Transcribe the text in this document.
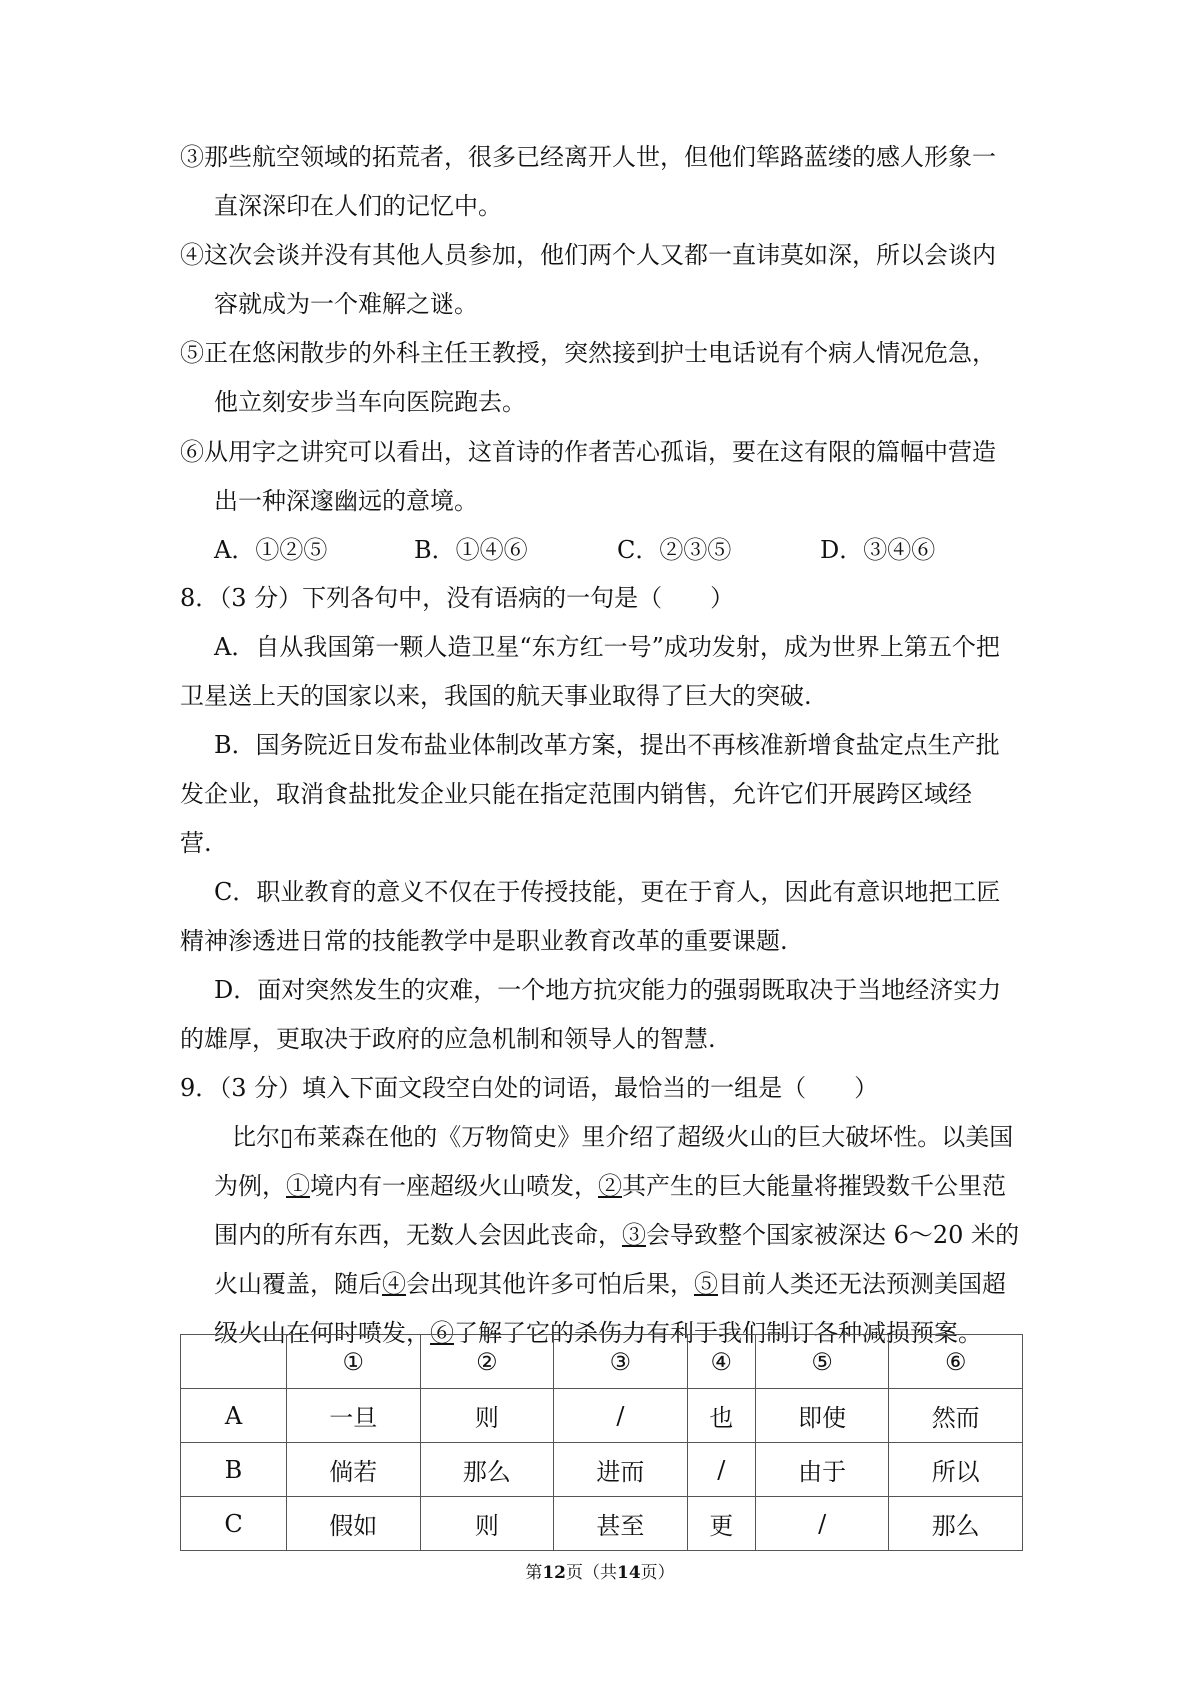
③那些航空领域的拓荒者，很多已经离开人世，但他们筚路蓝缕的感人形象一
直深深印在人们的记忆中。
④这次会谈并没有其他人员参加，他们两个人又都一直讳莫如深，所以会谈内
容就成为一个难解之谜。
⑤正在悠闲散步的外科主任王教授，突然接到护士电话说有个病人情况危急，
他立刻安步当车向医院跑去。
⑥从用字之讲究可以看出，这首诗的作者苦心孤诣，要在这有限的篇幅中营造
出一种深邃幽远的意境。
A．①②⑤	B．①④⑥	C．②③⑤	D．③④⑥
8．（3 分）下列各句中，没有语病的一句是（　　）
A．自从我国第一颗人造卫星“东方红一号”成功发射，成为世界上第五个把
卫星送上天的国家以来，我国的航天事业取得了巨大的突破.
B．国务院近日发布盐业体制改革方案，提出不再核准新增食盐定点生产批
发企业，取消食盐批发企业只能在指定范围内销售，允许它们开展跨区域经
营.
C．职业教育的意义不仅在于传授技能，更在于育人，因此有意识地把工匠
精神渗透进日常的技能教学中是职业教育改革的重要课题.
D．面对突然发生的灾难，一个地方抗灾能力的强弱既取决于当地经济实力
的雄厚，更取决于政府的应急机制和领导人的智慧.
9．（3 分）填入下面文段空白处的词语，最恰当的一组是（　　）
比尔▯布莱森在他的《万物简史》里介绍了超级火山的巨大破坏性。以美国
为例，①境内有一座超级火山喷发，②其产生的巨大能量将摧毁数千公里范
围内的所有东西，无数人会因此丧命，③会导致整个国家被深达 6～20 米的
火山覆盖，随后④会出现其他许多可怕后果，⑤目前人类还无法预测美国超
级火山在何时喷发，⑥了解了它的杀伤力有利于我们制订各种减损预案。
	①	②	③	④	⑤	⑥
A	一旦	则	/	也	即使	然而
B	倘若	那么	进而	/	由于	所以
C	假如	则	甚至	更	/	那么
第12页（共14页）
